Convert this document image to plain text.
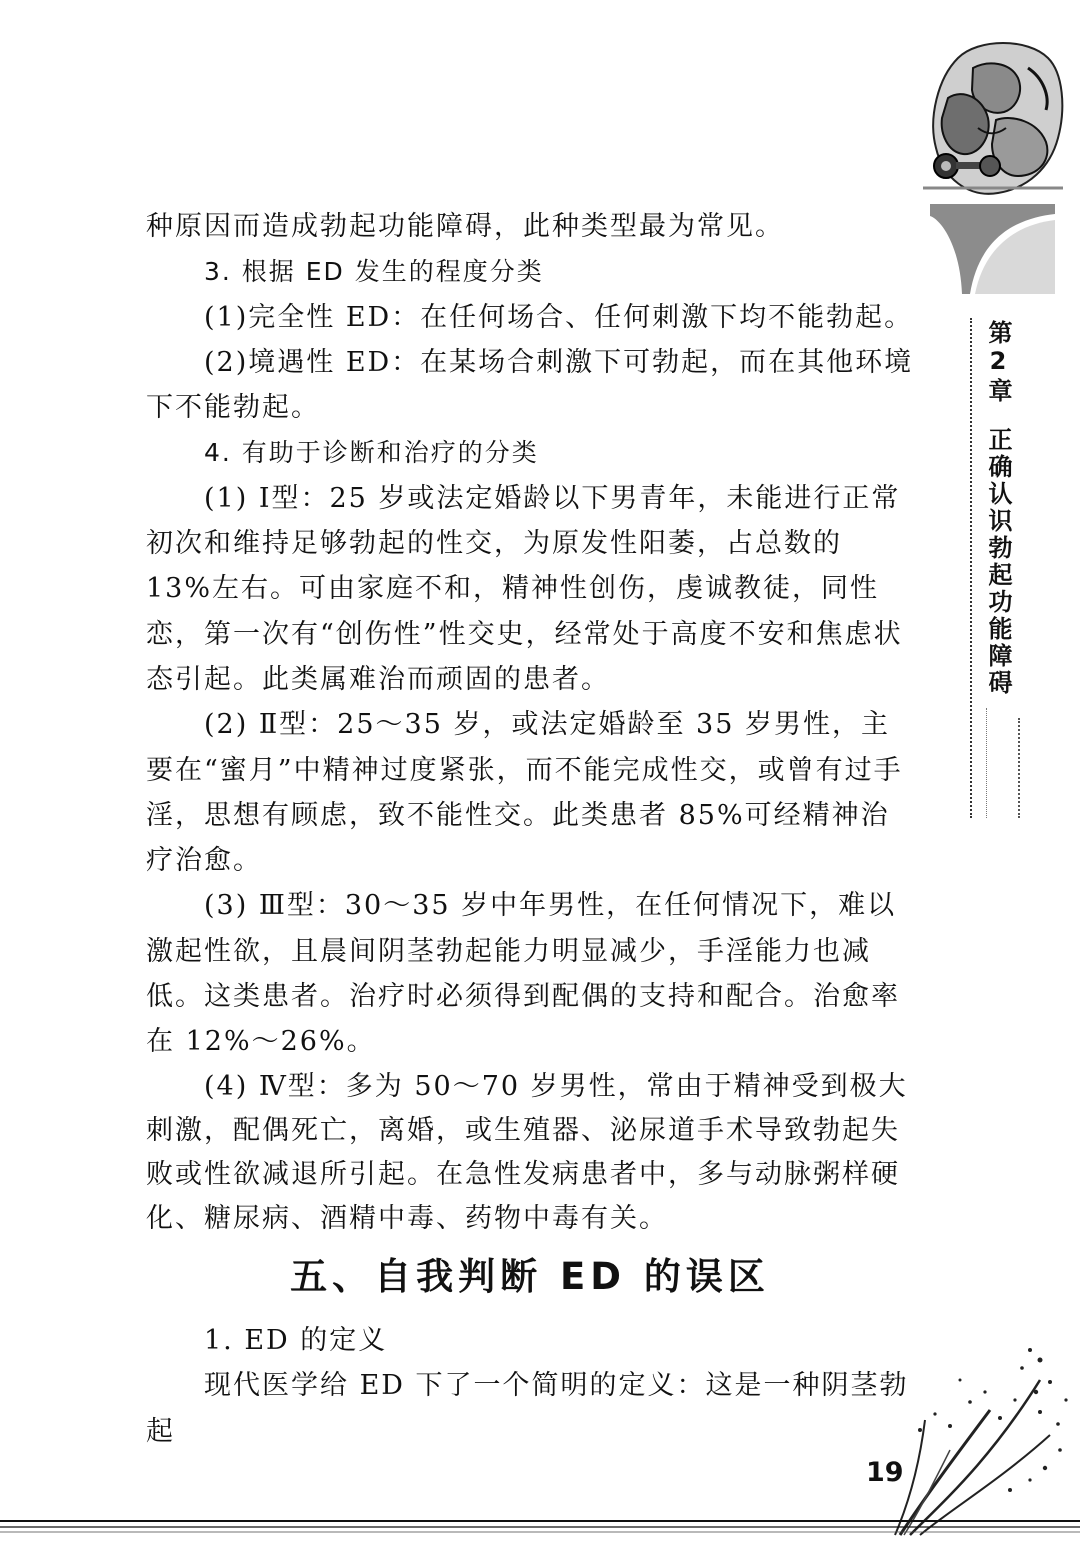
第2章正确认识勃起功能障碍

种原因而造成勃起功能障碍，此种类型最为常见。

3. 根据 ED 发生的程度分类

(1)完全性 ED：在任何场合、任何刺激下均不能勃起。

(2)境遇性 ED：在某场合刺激下可勃起，而在其他环境下不能勃起。

4. 有助于诊断和治疗的分类

(1) Ⅰ型：25 岁或法定婚龄以下男青年，未能进行正常初次和维持足够勃起的性交，为原发性阳萎，占总数的 13%左右。可由家庭不和，精神性创伤，虔诚教徒，同性恋，第一次有“创伤性”性交史，经常处于高度不安和焦虑状态引起。此类属难治而顽固的患者。

(2) Ⅱ型：25～35 岁，或法定婚龄至 35 岁男性，主要在“蜜月”中精神过度紧张，而不能完成性交，或曾有过手淫，思想有顾虑，致不能性交。此类患者 85%可经精神治疗治愈。

(3) Ⅲ型：30～35 岁中年男性，在任何情况下，难以激起性欲，且晨间阴茎勃起能力明显减少，手淫能力也减低。这类患者。治疗时必须得到配偶的支持和配合。治愈率在 12%～26%。

(4) Ⅳ型：多为 50～70 岁男性，常由于精神受到极大刺激，配偶死亡，离婚，或生殖器、泌尿道手术导致勃起失败或性欲减退所引起。在急性发病患者中，多与动脉粥样硬化、糖尿病、酒精中毒、药物中毒有关。

五、自我判断 ED 的误区

1. ED 的定义

现代医学给 ED 下了一个简明的定义：这是一种阴茎勃起

19
